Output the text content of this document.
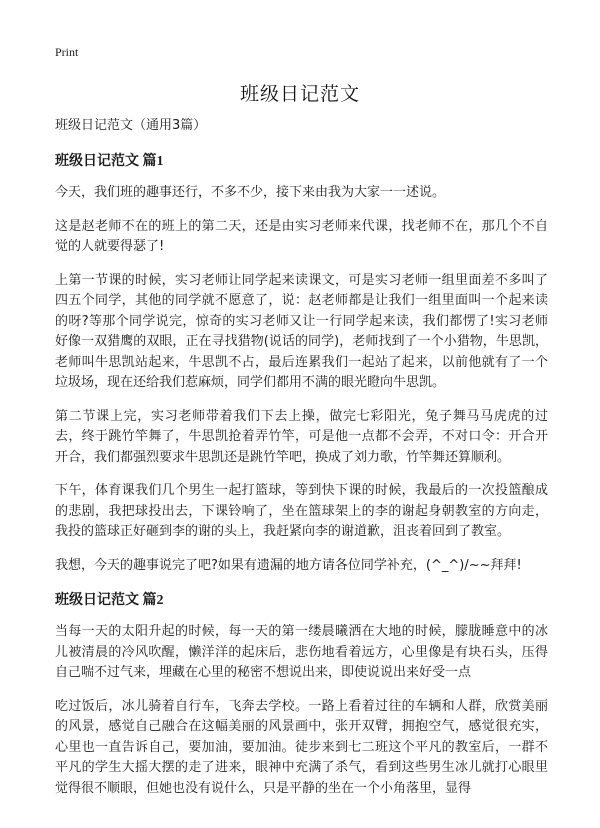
Print
班级日记范文

班级日记范文（通用3篇）

班级日记范文 篇1

今天，我们班的趣事还行，不多不少，接下来由我为大家一一述说。

这是赵老师不在的班上的第二天，还是由实习老师来代课，找老师不在，那几个不自觉的人就要得瑟了!

上第一节课的时候，实习老师让同学起来读课文，可是实习老师一组里面差不多叫了四五个同学，其他的同学就不愿意了，说：赵老师都是让我们一组里面叫一个起来读的呀?等那个同学说完，惊奇的实习老师又让一行同学起来读，我们都愣了!实习老师好像一双猎鹰的双眼，正在寻找猎物(说话的同学)，老师找到了一个小猎物，牛思凯，老师叫牛思凯站起来，牛思凯不占，最后连累我们一起站了起来，以前他就有了一个垃圾场，现在还给我们惹麻烦，同学们都用不满的眼光瞪向牛思凯。

第二节课上完，实习老师带着我们下去上操，做完七彩阳光，兔子舞马马虎虎的过去，终于跳竹竿舞了，牛思凯抢着弄竹竿，可是他一点都不会弄，不对口令：开合开开合，我们都强烈要求牛思凯还是跳竹竿吧，换成了刘力歌，竹竿舞还算顺利。

下午，体育课我们几个男生一起打篮球，等到快下课的时候，我最后的一次投篮酿成的悲剧，我把球投出去，下课铃响了，坐在篮球架上的李的谢起身朝教室的方向走，我投的篮球正好砸到李的谢的头上，我赶紧向李的谢道歉，沮丧着回到了教室。

我想，今天的趣事说完了吧?如果有遗漏的地方请各位同学补充，(^_^)/~~拜拜!

班级日记范文 篇2

当每一天的太阳升起的时候，每一天的第一缕晨曦洒在大地的时候，朦胧睡意中的冰儿被清晨的冷风吹醒，懒洋洋的起床后，悲伤地看着远方，心里像是有块石头，压得自己喘不过气来，埋藏在心里的秘密不想说出来，即使说说出来好受一点

吃过饭后，冰儿骑着自行车，飞奔去学校。一路上看着过往的车辆和人群，欣赏美丽的风景，感觉自己融合在这幅美丽的风景画中，张开双臂，拥抱空气，感觉很充实，心里也一直告诉自己，要加油，要加油。徒步来到七二班这个平凡的教室后，一群不平凡的学生大摇大摆的走了进来，眼神中充满了杀气，看到这些男生冰儿就打心眼里觉得很不顺眼，但她也没有说什么，只是平静的坐在一个小角落里，显得
